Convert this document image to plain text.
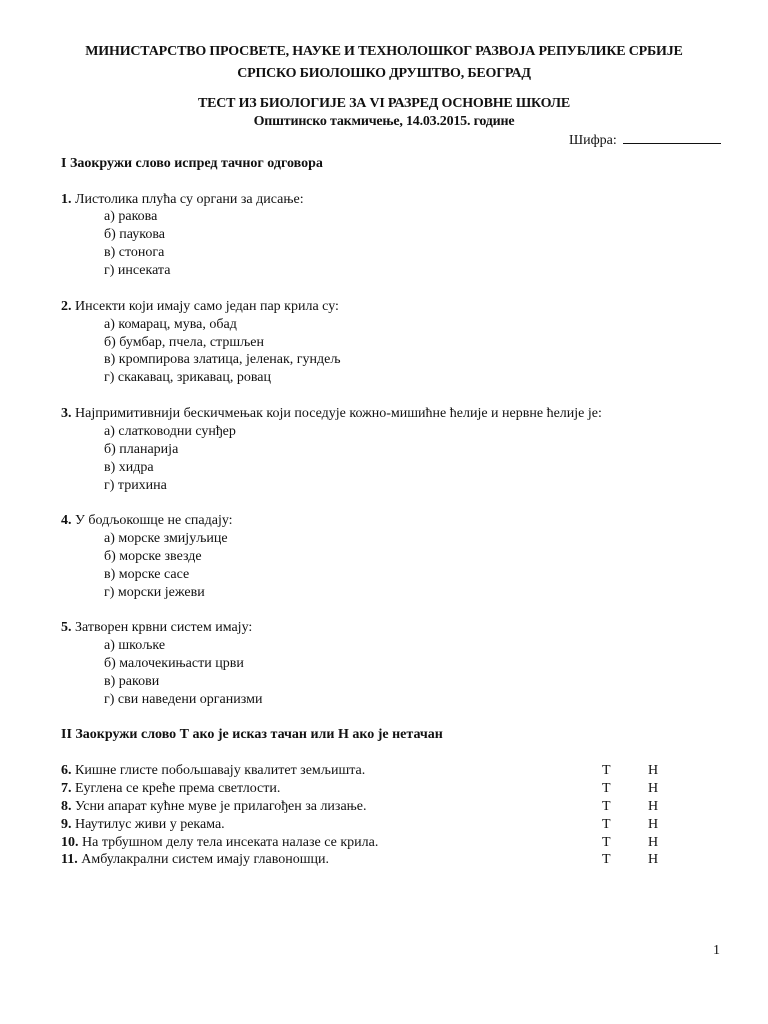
МИНИСТАРСТВО ПРОСВЕТЕ, НАУКЕ И ТЕХНОЛОШКОГ РАЗВОЈА РЕПУБЛИКЕ СРБИЈЕ
СРПСКО БИОЛОШКО ДРУШТВО, БЕОГРАД
ТЕСТ ИЗ БИОЛОГИЈЕ ЗА VI РАЗРЕД ОСНОВНЕ ШКОЛЕ
Општинско такмичење, 14.03.2015. године
Шифра:
I Заокружи слово испред тачног одговора
1. Листолика плућа су органи за дисање:
а) ракова
б) паукова
в) стонога
г) инсеката
2. Инсекти који имају само један пар крила су:
а) комарац, мува, обад
б) бумбар, пчела, стршљен
в) кромпирова златица, јеленак, гундељ
г) скакавац, зрикавац, ровац
3. Најпримитивнији бескичмењак који поседује кожно-мишићне ћелије и нервне ћелије је:
а) слатководни сунђер
б) планарија
в) хидра
г) трихина
4. У бодљокошце не спадају:
а) морске змијуљице
б) морске звезде
в) морске сасе
г) морски јежеви
5. Затворен крвни систем имају:
а) шкољке
б) малочекињасти црви
в) ракови
г) сви наведени организми
II Заокружи слово Т ако је исказ тачан или Н ако је нетачан
6. Кишне глисте побољшавају квалитет земљишта.	Т	Н
7. Еуглена се креће према светлости.	Т	Н
8. Усни апарат кућне муве је прилагођен за лизање.	Т	Н
9. Наутилус живи у рекама.	Т	Н
10. На трбушном делу тела инсеката налазе се крила.	Т	Н
11. Амбулакрални систем имају главоношци.	Т	Н
1
